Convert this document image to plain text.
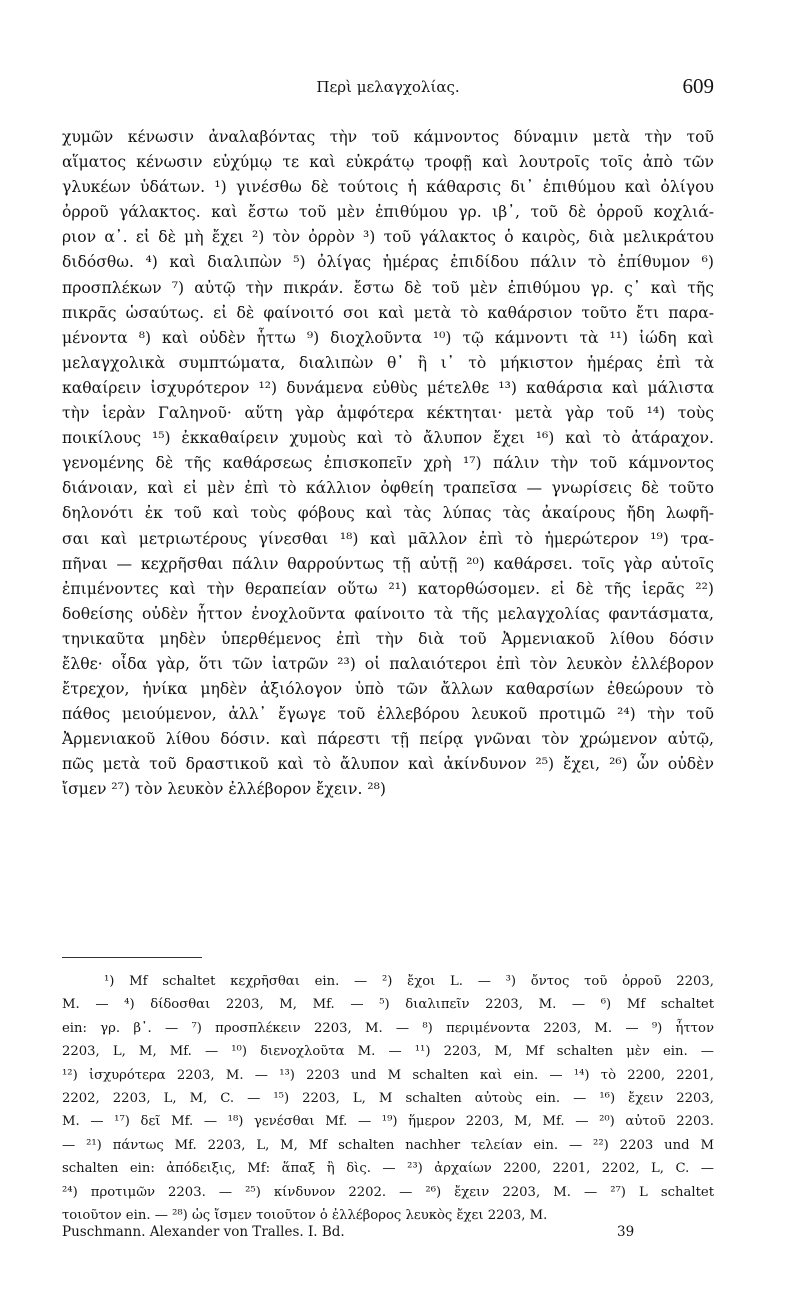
Περὶ μελαγχολίας.	609
χυμῶν κένωσιν ἀναλαβόντας τὴν τοῦ κάμνοντος δύναμιν μετὰ τὴν τοῦ
αἵματος κένωσιν εὐχύμῳ τε καὶ εὐκράτῳ τροφῇ καὶ λουτροῖς τοῖς ἀπὸ τῶν
γλυκέων ὑδάτων. ¹) γινέσθω δὲ τούτοις ἡ κάθαρσις δι᾽ ἐπιθύμου καὶ ὀλίγου
ὀρροῦ γάλακτος. καὶ ἔστω τοῦ μὲν ἐπιθύμου γρ. ιβ᾽, τοῦ δὲ ὀρροῦ κοχλιά-
ριον α᾽. εἰ δὲ μὴ ἔχει ²) τὸν ὀρρὸν ³) τοῦ γάλακτος ὁ καιρὸς, διὰ μελικράτου
διδόσθω. ⁴) καὶ διαλιπὼν ⁵) ὀλίγας ἡμέρας ἐπιδίδου πάλιν τὸ ἐπίθυμον ⁶)
προσπλέκων ⁷) αὐτῷ τὴν πικράν. ἔστω δὲ τοῦ μὲν ἐπιθύμου γρ. ς᾽ καὶ τῆς
πικρᾶς ὡσαύτως. εἰ δὲ φαίνοιτό σοι καὶ μετὰ τὸ καθάρσιον τοῦτο ἔτι παρα-
μένοντα ⁸) καὶ οὐδὲν ἧττω ⁹) διοχλοῦντα ¹⁰) τῷ κάμνοντι τὰ ¹¹) ἰώδη καὶ
μελαγχολικὰ συμπτώματα, διαλιπὼν θ᾽ ἢ ι᾽ τὸ μήκιστον ἡμέρας ἐπὶ τὰ
καθαίρειν ἰσχυρότερον ¹²) δυνάμενα εὐθὺς μέτελθε ¹³) καθάρσια καὶ μάλιστα
τὴν ἱερὰν Γαληνοῦ· αὕτη γὰρ ἀμφότερα κέκτηται· μετὰ γὰρ τοῦ ¹⁴) τοὺς
ποικίλους ¹⁵) ἐκκαθαίρειν χυμοὺς καὶ τὸ ἄλυπον ἔχει ¹⁶) καὶ τὸ ἀτάραχον.
γενομένης δὲ τῆς καθάρσεως ἐπισκοπεῖν χρὴ ¹⁷) πάλιν τὴν τοῦ κάμνοντος
διάνοιαν, καὶ εἰ μὲν ἐπὶ τὸ κάλλιον ὀφθείη τραπεῖσα — γνωρίσεις δὲ τοῦτο
δηλονότι ἐκ τοῦ καὶ τοὺς φόβους καὶ τὰς λύπας τὰς ἀκαίρους ἤδη λωφῆ-
σαι καὶ μετριωτέρους γίνεσθαι ¹⁸) καὶ μᾶλλον ἐπὶ τὸ ἡμερώτερον ¹⁹) τρα-
πῆναι — κεχρῆσθαι πάλιν θαρρούντως τῇ αὐτῇ ²⁰) καθάρσει. τοῖς γὰρ αὐτοῖς
ἐπιμένοντες καὶ τὴν θεραπείαν οὕτω ²¹) κατορθώσομεν. εἰ δὲ τῆς ἱερᾶς ²²)
δοθείσης οὐδὲν ἧττον ἐνοχλοῦντα φαίνοιτο τὰ τῆς μελαγχολίας φαντάσματα,
τηνικαῦτα μηδὲν ὑπερθέμενος ἐπὶ τὴν διὰ τοῦ Ἀρμενιακοῦ λίθου δόσιν
ἔλθε· οἶδα γὰρ, ὅτι τῶν ἰατρῶν ²³) οἱ παλαιότεροι ἐπὶ τὸν λευκὸν ἐλλέβορον
ἔτρεχον, ἡνίκα μηδὲν ἀξιόλογον ὑπὸ τῶν ἄλλων καθαρσίων ἐθεώρουν τὸ
πάθος μειούμενον, ἀλλ᾽ ἔγωγε τοῦ ἐλλεβόρου λευκοῦ προτιμῶ ²⁴) τὴν τοῦ
Ἀρμενιακοῦ λίθου δόσιν. καὶ πάρεστι τῇ πείρᾳ γνῶναι τὸν χρώμενον αὐτῷ,
πῶς μετὰ τοῦ δραστικοῦ καὶ τὸ ἄλυπον καὶ ἀκίνδυνον ²⁵) ἔχει, ²⁶) ὧν οὐδὲν
ἴσμεν ²⁷) τὸν λευκὸν ἐλλέβορον ἔχειν. ²⁸)
¹) Mf schaltet κεχρῆσθαι ein. — ²) ἔχοι L. — ³) ὄντος τοῦ ὀρροῦ 2203,
M. — ⁴) δίδοσθαι 2203, M, Mf. — ⁵) διαλιπεῖν 2203, M. — ⁶) Mf schaltet
ein: γρ. β᾽. — ⁷) προσπλέκειν 2203, M. — ⁸) περιμένοντα 2203, M. — ⁹) ἧττον
2203, L, M, Mf. — ¹⁰) διενοχλοῦτα M. — ¹¹) 2203, M, Mf schalten μὲν ein. —
¹²) ἰσχυρότερα 2203, M. — ¹³) 2203 und M schalten καὶ ein. — ¹⁴) τὸ 2200, 2201,
2202, 2203, L, M, C. — ¹⁵) 2203, L, M schalten αὐτοὺς ein. — ¹⁶) ἔχειν 2203,
M. — ¹⁷) δεῖ Mf. — ¹⁸) γενέσθαι Mf. — ¹⁹) ἥμερον 2203, M, Mf. — ²⁰) αὐτοῦ 2203.
— ²¹) πάντως Mf. 2203, L, M, Mf schalten nachher τελείαν ein. — ²²) 2203 und M
schalten ein: ἀπόδειξις, Mf: ἅπαξ ἢ δὶς. — ²³) ἀρχαίων 2200, 2201, 2202, L, C. —
²⁴) προτιμῶν 2203. — ²⁵) κίνδυνον 2202. — ²⁶) ἔχειν 2203, M. — ²⁷) L schaltet
τοιοῦτον ein. — ²⁸) ὡς ἴσμεν τοιοῦτον ὁ ἐλλέβορος λευκὸς ἔχει 2203, M.
Puschmann. Alexander von Tralles. I. Bd.	39
